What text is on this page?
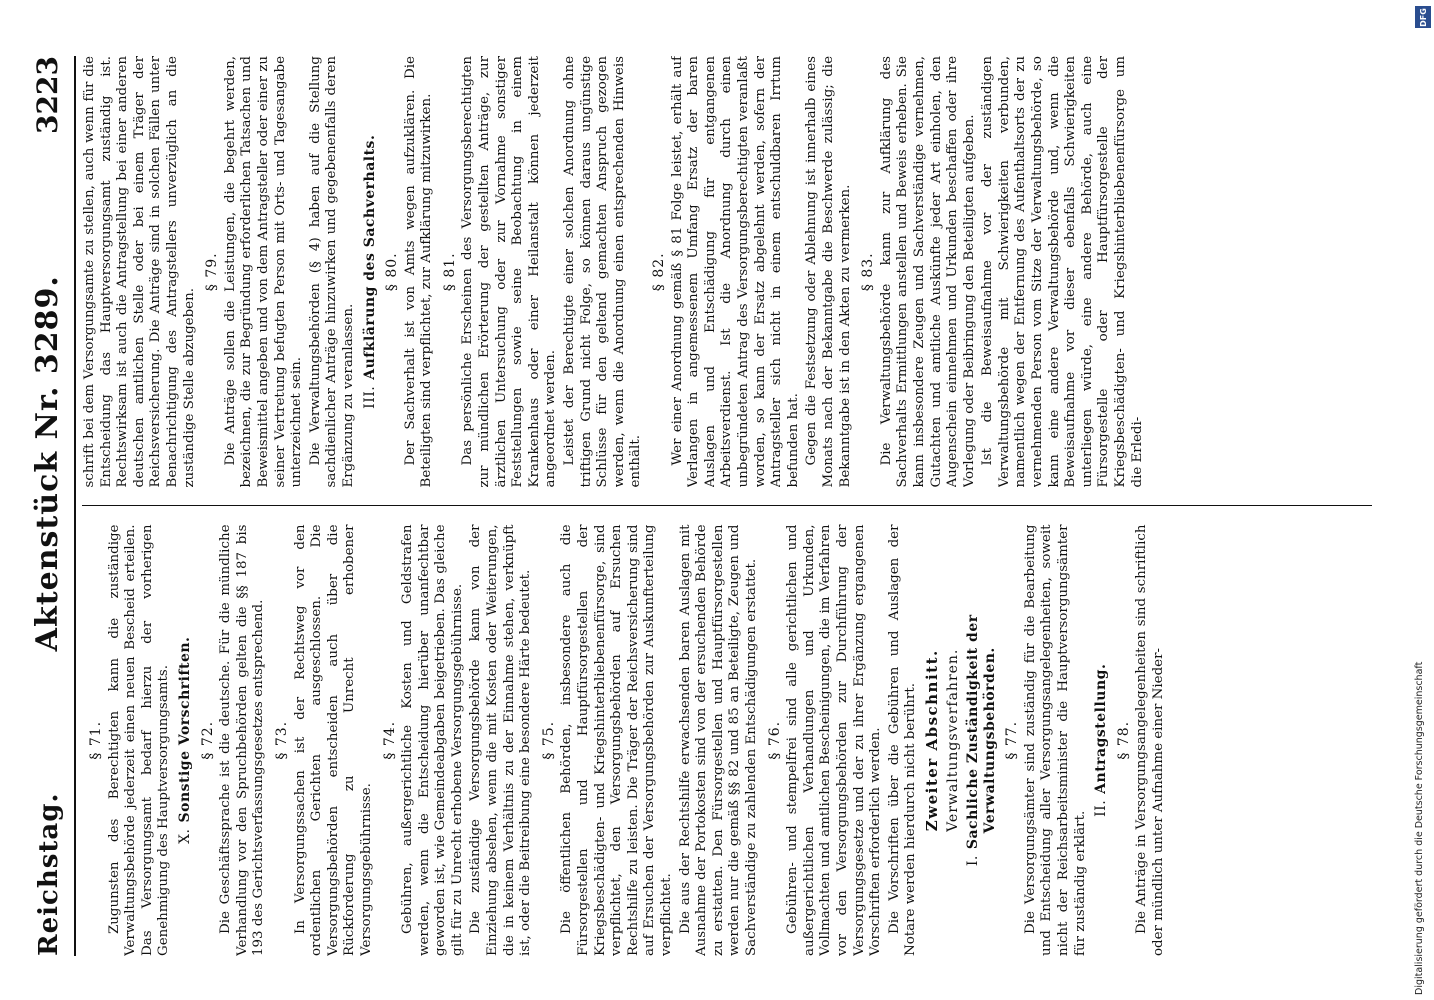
Reichstag.
Aktenstück Nr. 3289.
3223
§ 71. Zugunsten des Berechtigten kann die zuständige Verwaltungsbehörde jederzeit einen neuen Bescheid erteilen. Das Versorgungsamt bedarf hierzu der vorherigen Genehmigung des Hauptversorgungsamts. X.Sonstige Vorschriften. § 72. Die Geschäftssprache ist die deutsche. Für die mündliche Verhandlung vor den Spruchbehörden gelten die §§ 187 bis 193 des Gerichtsverfassungsgesetzes entsprechend. § 73. In Versorgungssachen ist der Rechtsweg vor den ordentlichen Gerichten ausgeschlossen. Die Versorgungsbehörden entscheiden auch über die Rückforderung zu Unrecht erhobener Versorgungsgebührnisse.

§ 74. Gebühren, außergerichtliche Kosten und Geldstrafen werden, wenn die Entscheidung hierüber unanfechtbar geworden ist, wie Gemeindeabgaben beigetrieben. Das gleiche gilt für zu Unrecht erhobene Versorgungsgebührnisse. Die zuständige Versorgungsbehörde kann von der Einziehung absehen, wenn die mit Kosten oder Weiterungen, die in keinem Verhältnis zu der Einnahme stehen, verknüpft ist, oder die Beitreibung eine besondere Härte bedeutet. § 75. Die öffentlichen Behörden, insbesondere auch die Fürsorgestellen und Hauptfürsorgestellen der Kriegsbeschädigten- und Kriegshinterbliebenenfürsorge, sind verpflichtet, den Versorgungsbehörden auf Ersuchen Rechtshilfe zu leisten. Die Träger der Reichsversicherung sind auf Ersuchen der Versorgungsbehörden zur Auskunfterteilung verpflichtet. Die aus der Rechtshilfe erwachsenden baren Auslagen mit Ausnahme der Portokosten sind von der ersuchenden Behörde zu erstatten. Den Fürsorgestellen und Hauptfürsorgestellen werden nur die gemäß §§ 82 und 85 an Beteiligte, Zeugen und Sachverständige zu zahlenden Entschädigungen erstattet. § 76. Gebühren- und stempelfrei sind alle gerichtlichen und außergerichtlichen Verhandlungen und Urkunden, Vollmachten und amtlichen Bescheinigungen, die im Verfahren vor den Versorgungsbehörden zur Durchführung der Versorgungsgesetze und der zu ihrer Ergänzung ergangenen Vorschriften erforderlich werden. Die Vorschriften über die Gebühren und Auslagen der Notare werden hierdurch nicht berührt. Zweiter Abschnitt. Verwaltungsverfahren.
I.Sachliche Zuständigkeit der Verwaltungsbehörden. § 77. Die Versorgungsämter sind zuständig für die Bearbeitung und Entscheidung aller Versorgungsangelegenheiten, soweit nicht der Reichsarbeitsminister die Hauptversorgungsämter für zuständig erklärt.

II.Antragstellung. § 78. Die Anträge in Versorgungsangelegenheiten sind schriftlich oder mündlich unter Aufnahme einer Nieder-

schrift bei dem Versorgungsamte zu stellen, auch wenn für die Entscheidung das Hauptversorgungsamt zuständig ist. Rechtswirksam ist auch die Antragstellung bei einer anderen deutschen amtlichen Stelle oder bei einem Träger der Reichsversicherung. Die Anträge sind in solchen Fällen unter Benachrichtigung des Antragstellers unverzüglich an die zuständige Stelle abzugeben.

§ 79. Die Anträge sollen die Leistungen, die begehrt werden, bezeichnen, die zur Begründung erforderlichen Tatsachen und Beweismittel angeben und von dem Antragsteller oder einer zu seiner Vertretung befugten Person mit Orts- und Tagesangabe unterzeichnet sein. Die Verwaltungsbehörden (§ 4) haben auf die Stellung sachdienlicher Anträge hinzuwirken und gegebenenfalls deren Ergänzung zu veranlassen. III.Aufklärung des Sachverhalts. § 80. Der Sachverhalt ist von Amts wegen aufzuklären. Die Beteiligten sind verpflichtet, zur Aufklärung mitzuwirken. § 81. Das persönliche Erscheinen des Versorgungsberechtigten zur mündlichen Erörterung der gestellten Anträge, zur ärztlichen Untersuchung oder zur Vornahme sonstiger Feststellungen sowie seine Beobachtung in einem Krankenhaus oder einer Heilanstalt können jederzeit angeordnet werden. Leistet der Berechtigte einer solchen Anordnung ohne triftigen Grund nicht Folge, so können daraus ungünstige Schlüsse für den geltend gemachten Anspruch gezogen werden, wenn die Anordnung einen entsprechenden Hinweis enthält.

§ 82. Wer einer Anordnung gemäß § 81 Folge leistet, erhält auf Verlangen in angemessenem Umfang Ersatz der baren Auslagen und Entschädigung für entgangenen Arbeitsverdienst. Ist die Anordnung durch einen unbegründeten Antrag des Versorgungsberechtigten veranlaßt worden, so kann der Ersatz abgelehnt werden, sofern der Antragsteller sich nicht in einem entschuldbaren Irrtum befunden hat. Gegen die Festsetzung oder Ablehnung ist innerhalb eines Monats nach der Bekanntgabe die Beschwerde zulässig; die Bekanntgabe ist in den Akten zu vermerken. § 83. Die Verwaltungsbehörde kann zur Aufklärung des Sachverhalts Ermittlungen anstellen und Beweis erheben. Sie kann insbesondere Zeugen und Sachverständige vernehmen, Gutachten und amtliche Auskünfte jeder Art einholen, den Augenschein einnehmen und Urkunden beschaffen oder ihre Vorlegung oder Beibringung den Beteiligten aufgeben. Ist die Beweisaufnahme vor der zuständigen Verwaltungsbehörde mit Schwierigkeiten verbunden, namentlich wegen der Entfernung des Aufenthaltsorts der zu vernehmenden Person vom Sitze der Verwaltungsbehörde, so kann eine andere Verwaltungsbehörde und, wenn die Beweisaufnahme vor dieser ebenfalls Schwierigkeiten unterliegen würde, eine andere Behörde, auch eine Fürsorgestelle oder Hauptfürsorgestelle der Kriegsbeschädigten- und Kriegshinterbliebenenfürsorge um die Erledi-

DFG
Digitalisierung gefördert durch die Deutsche Forschungsgemeinschaft
